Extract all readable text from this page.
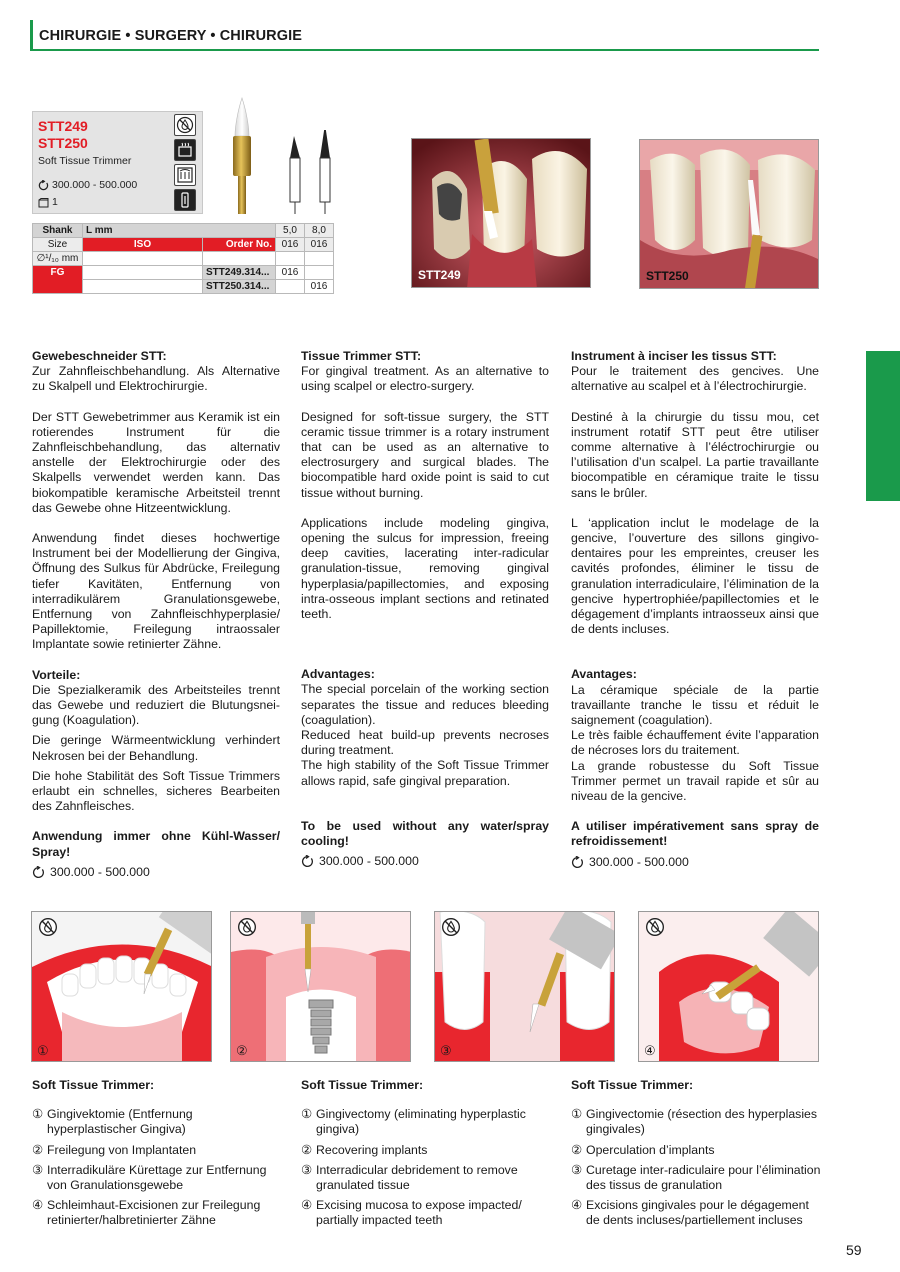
CHIRURGIE • SURGERY • CHIRURGIE
STT249
STT250
Soft Tissue Trimmer
300.000 - 500.000
1
Shank	L mm		5,0	8,0
Size	ISO	Order No.	016	016
∅¹/₁₀ mm				
FG		STT249.314...	016	
		STT250.314...		016
STT249	STT250

Gewebeschneider STT:

Zur Zahnfleischbehandlung. Als Alternative zu Skalpell und Elektrochirurgie.

Der STT Gewebetrimmer aus Keramik ist ein rotierendes Instrument für die Zahnfleischbehandlung, das alternativ anstelle der Elektrochirurgie oder des Skalpells verwendet werden kann. Das biokompatible keramische Arbeitsteil trennt das Gewebe ohne Hitzeentwicklung.

Anwendung findet dieses hochwertige Instrument bei der Modellierung der Gingiva, Öffnung des Sulkus für Abdrücke, Freilegung tiefer Kavitäten, Entfernung von interradikulärem Granulationsgewebe, Entfernung von Zahnfleischhyperplasie/ Papillektomie, Freilegung intraossaler Implantate sowie retinierter Zähne.

Vorteile:

Die Spezialkeramik des Arbeitsteiles trennt das Gewebe und reduziert die Blutungsneigung (Koagulation).

Die geringe Wärmeentwicklung verhindert Nekrosen bei der Behandlung.

Die hohe Stabilität des Soft Tissue Trimmers erlaubt ein schnelles, sicheres Bearbeiten des Zahnfleisches.

Anwendung immer ohne Kühl-Wasser/ Spray!

300.000 - 500.000

Tissue Trimmer STT:

For gingival treatment. As an alternative to using scalpel or electro-surgery.

Designed for soft-tissue surgery, the STT ceramic tissue trimmer is a rotary instrument that can be used as an alternative to electrosurgery and surgical blades. The biocompatible hard oxide point is said to cut tissue without burning.

Applications include modeling gingiva, opening the sulcus for impression, freeing deep cavities, lacerating inter-radicular granulation-tissue, removing gingival hyperplasia/papillectomies, and exposing intra-osseous implant sections and retinated teeth.

Advantages:

The special porcelain of the working section separates the tissue and reduces bleeding (coagulation).

Reduced heat build-up prevents necroses during treatment.

The high stability of the Soft Tissue Trimmer allows rapid, safe gingival preparation.

To be used without any water/spray cooling!

300.000 - 500.000

Instrument à inciser les tissus STT:

Pour le traitement des gencives. Une alternative au scalpel et à l’électrochirurgie.

Destiné à la chirurgie du tissu mou, cet instrument rotatif STT peut être utiliser comme alternative à l’éléctrochirurgie ou l’utilisation d’un scalpel. La partie travaillante biocompatible en céramique traite le tissu sans le brûler.

L ‘application inclut le modelage de la gencive, l’ouverture des sillons gingivodentaires pour les empreintes, creuser les cavités profondes, éliminer le tissu de granulation interradiculaire, l’élimination de la gencive hypertrophiée/papillectomies et le dégagement d’implants intraosseux ainsi que de dents incluses.

Avantages:

La céramique spéciale de la partie travaillante tranche le tissu et réduit le saignement (coagulation).

Le très faible échauffement évite l’apparation de nécroses lors du traitement.

La grande robustesse du Soft Tissue Trimmer permet un travail rapide et sûr au niveau de la gencive.

A utiliser impérativement sans spray de refroidissement!

300.000 - 500.000
①	②	③	④

Soft Tissue Trimmer:

① Gingivektomie (Entfernung hyperplastischer Gingiva)
② Freilegung von Implantaten
③ Interradikuläre Kürettage zur Entfernung von Granulationsgewebe
④ Schleimhaut-Excisionen zur Freilegung retinierter/halbretinierter Zähne

Soft Tissue Trimmer:

① Gingivectomy (eliminating hyperplastic gingiva)
② Recovering implants
③ Interradicular debridement to remove granulated tissue
④ Excising mucosa to expose impacted/ partially impacted teeth

Soft Tissue Trimmer:

① Gingivectomie (résection des hyperplasies gingivales)
② Operculation d’implants
③ Curetage inter-radiculaire pour l’élimination des tissus de granulation
④ Excisions gingivales pour le dégagement de dents incluses/partiellement incluses
59
